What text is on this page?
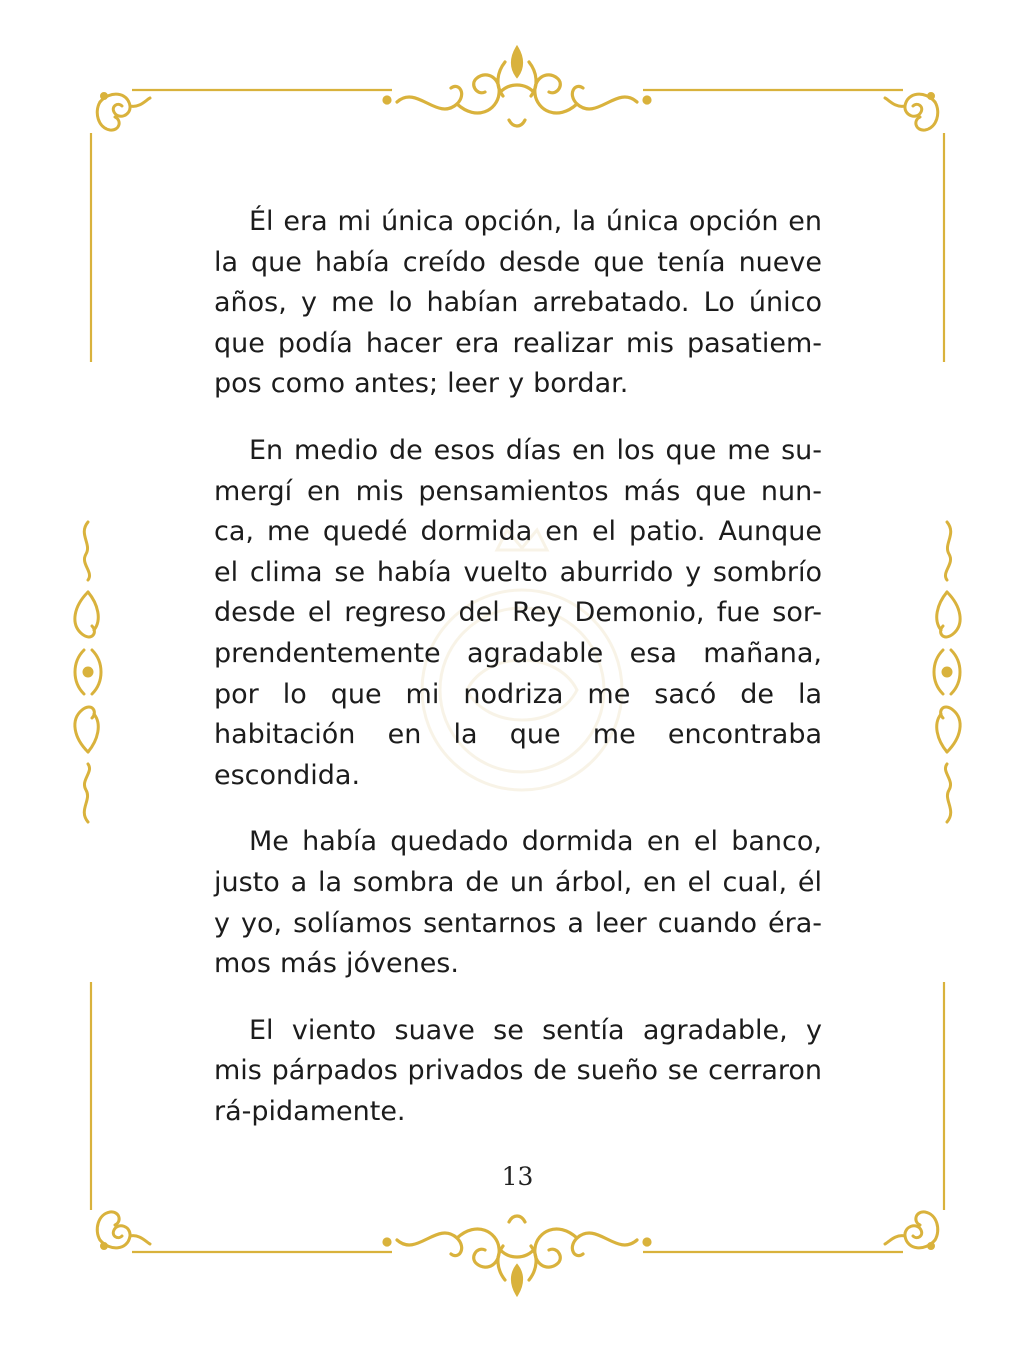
Él era mi única opción, la única opción en la que había creído desde que tenía nueve años, y me lo habían arrebatado. Lo único que podía hacer era realizar mis pasatiem-pos como antes; leer y bordar.

En medio de esos días en los que me su-mergí en mis pensamientos más que nun-ca, me quedé dormida en el patio. Aunque el clima se había vuelto aburrido y sombrío desde el regreso del Rey Demonio, fue sor-prendentemente agradable esa mañana, por lo que mi nodriza me sacó de la habitación en la que me encontraba escondida.

Me había quedado dormida en el banco, justo a la sombra de un árbol, en el cual, él y yo, solíamos sentarnos a leer cuando éra-mos más jóvenes.

El viento suave se sentía agradable, y mis párpados privados de sueño se cerraron rá-pidamente.

13
